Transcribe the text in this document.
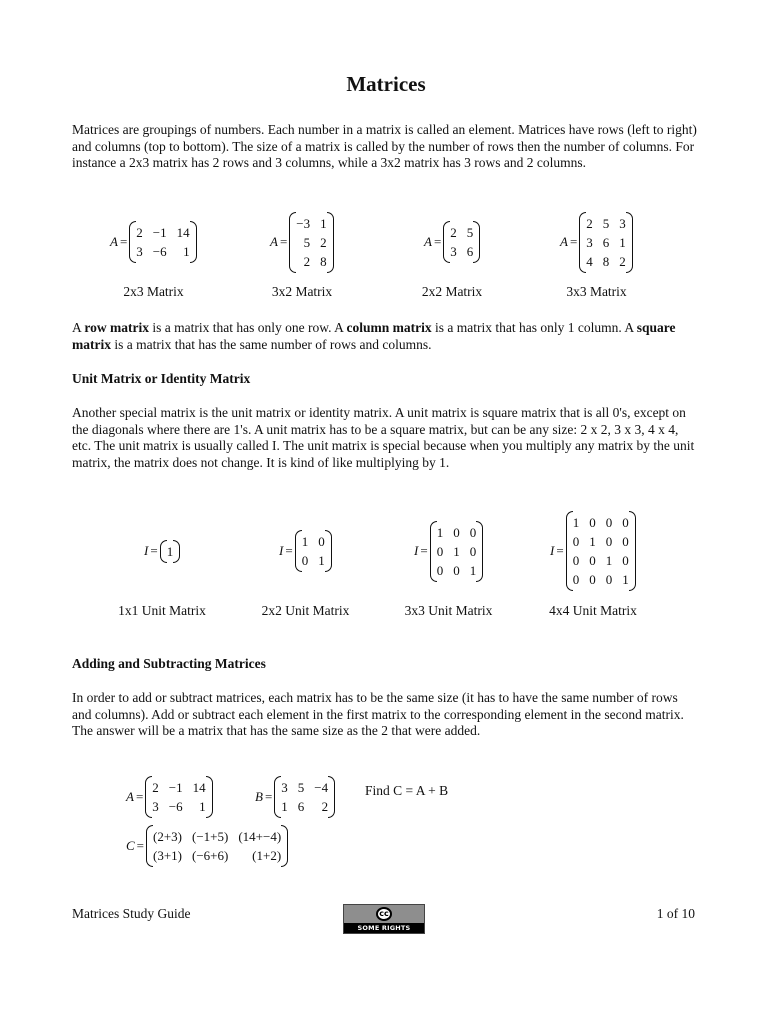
Matrices

Matrices are groupings of numbers. Each number in a matrix is called an element. Matrices have rows (left to right) and columns (top to bottom). The size of a matrix is called by the number of rows then the number of columns. For instance a 2x3 matrix has 2 rows and 3 columns, while a 3x2 matrix has 3 rows and 2 columns.

A =
2 −1 14
3 −6	1
2x3 Matrix
A =
−3 1
5 2
2 8
3x2 Matrix
A =
2 5
3 6
2x2 Matrix
A =
2 5 3
3 6 1
4 8 2
3x3 Matrix

A row matrix is a matrix that has only one row. A column matrix is a matrix that has only 1 column. A square matrix is a matrix that has the same number of rows and columns.

Unit Matrix or Identity Matrix

Another special matrix is the unit matrix or identity matrix. A unit matrix is square matrix that is all 0's, except on the diagonals where there are 1's. A unit matrix has to be a square matrix, but can be any size: 2 x 2, 3 x 3, 4 x 4, etc. The unit matrix is usually called I. The unit matrix is special because when you multiply any matrix by the unit matrix, the matrix does not change. It is kind of like multiplying by 1.

I = 1
1x1 Unit Matrix
I =
1 0
0 1
2x2 Unit Matrix
I =
1 0 0
0 1 0
0 0 1
3x3 Unit Matrix
I =
1 0 0 0
0 1 0 0
0 0 1 0
0 0 0 1
4x4 Unit Matrix
Adding and Subtracting Matrices

In order to add or subtract matrices, each matrix has to be the same size (it has to have the same number of rows and columns). Add or subtract each element in the first matrix to the corresponding element in the second matrix. The answer will be a matrix that has the same size as the 2 that were added.

A =
2 −1 14
3 −6	1
B =
3 5 −4
1 6	2
Find C = A + B
C =
(2+3) (−1+5) (14+−4)
(3+1) (−6+6)	(1+2)
Matrices Study Guide	cc
SOME RIGHTS RESERVED
1 of 10
